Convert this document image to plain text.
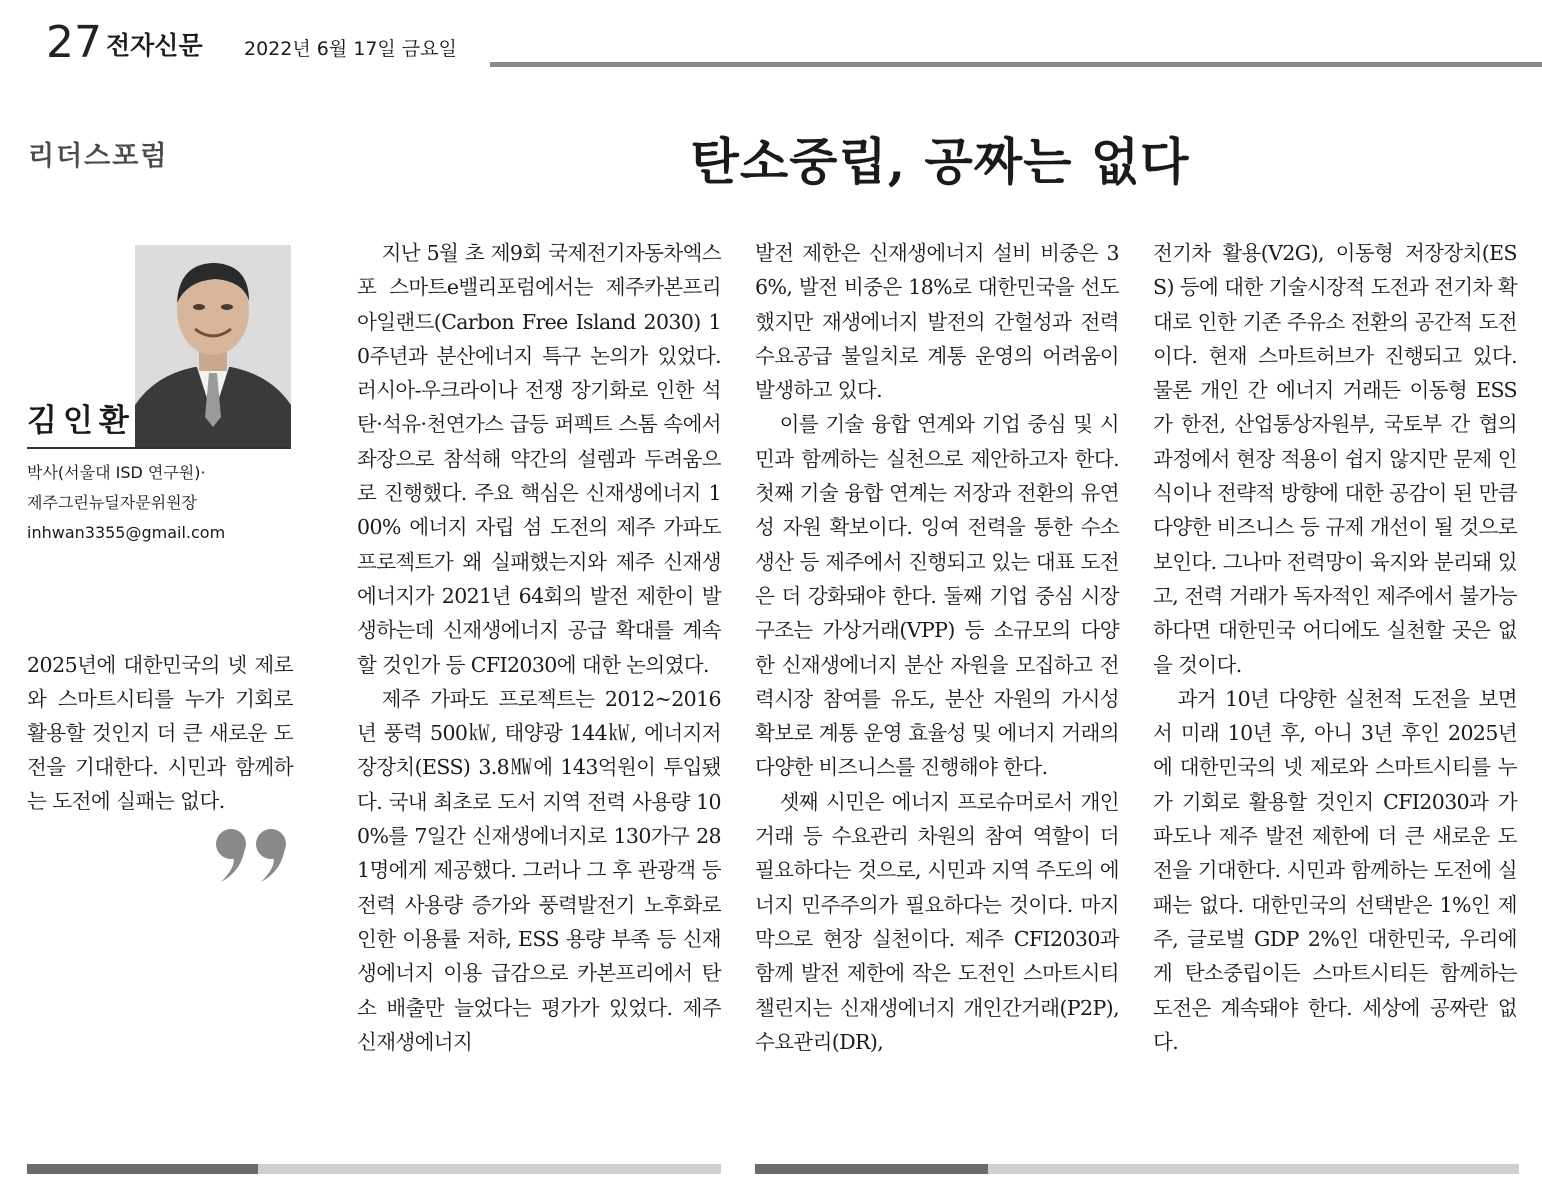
27 전자신문 2022년 6월 17일 금요일
리더스포럼	탄소중립, 공짜는 없다
김인환
박사(서울대 ISD 연구원)·
제주그린뉴딜자문위원장
inhwan3355@gmail.com
2025년에 대한민국의 넷 제로와 스마트시티를 누가 기회로 활용할 것인지 더 큰 새로운 도전을 기대한다. 시민과 함께하는 도전에 실패는 없다.

지난 5월 초 제9회 국제전기자동차엑스포 스마트e밸리포럼에서는 제주카본프리아일랜드(Carbon Free Island 2030) 10주년과 분산에너지 특구 논의가 있었다. 러시아-우크라이나 전쟁 장기화로 인한 석탄·석유·천연가스 급등 퍼펙트 스톰 속에서 좌장으로 참석해 약간의 설렘과 두려움으로 진행했다. 주요 핵심은 신재생에너지 100% 에너지 자립 섬 도전의 제주 가파도 프로젝트가 왜 실패했는지와 제주 신재생에너지가 2021년 64회의 발전 제한이 발생하는데 신재생에너지 공급 확대를 계속할 것인가 등 CFI2030에 대한 논의였다.

제주 가파도 프로젝트는 2012~2016년 풍력 500㎾, 태양광 144㎾, 에너지저장장치(ESS) 3.8㎿에 143억원이 투입됐다. 국내 최초로 도서 지역 전력 사용량 100%를 7일간 신재생에너지로 130가구 281명에게 제공했다. 그러나 그 후 관광객 등 전력 사용량 증가와 풍력발전기 노후화로 인한 이용률 저하, ESS 용량 부족 등 신재생에너지 이용 급감으로 카본프리에서 탄소 배출만 늘었다는 평가가 있었다. 제주 신재생에너지

발전 제한은 신재생에너지 설비 비중은 36%, 발전 비중은 18%로 대한민국을 선도했지만 재생에너지 발전의 간헐성과 전력 수요공급 불일치로 계통 운영의 어려움이 발생하고 있다.

이를 기술 융합 연계와 기업 중심 및 시민과 함께하는 실천으로 제안하고자 한다. 첫째 기술 융합 연계는 저장과 전환의 유연성 자원 확보이다. 잉여 전력을 통한 수소 생산 등 제주에서 진행되고 있는 대표 도전은 더 강화돼야 한다. 둘째 기업 중심 시장구조는 가상거래(VPP) 등 소규모의 다양한 신재생에너지 분산 자원을 모집하고 전력시장 참여를 유도, 분산 자원의 가시성 확보로 계통 운영 효율성 및 에너지 거래의 다양한 비즈니스를 진행해야 한다.

셋째 시민은 에너지 프로슈머로서 개인 거래 등 수요관리 차원의 참여 역할이 더 필요하다는 것으로, 시민과 지역 주도의 에너지 민주주의가 필요하다는 것이다. 마지막으로 현장 실천이다. 제주 CFI2030과 함께 발전 제한에 작은 도전인 스마트시티챌린지는 신재생에너지 개인간거래(P2P), 수요관리(DR),

전기차 활용(V2G), 이동형 저장장치(ESS) 등에 대한 기술시장적 도전과 전기차 확대로 인한 기존 주유소 전환의 공간적 도전이다. 현재 스마트허브가 진행되고 있다. 물론 개인 간 에너지 거래든 이동형 ESS가 한전, 산업통상자원부, 국토부 간 협의 과정에서 현장 적용이 쉽지 않지만 문제 인식이나 전략적 방향에 대한 공감이 된 만큼 다양한 비즈니스 등 규제 개선이 될 것으로 보인다. 그나마 전력망이 육지와 분리돼 있고, 전력 거래가 독자적인 제주에서 불가능하다면 대한민국 어디에도 실천할 곳은 없을 것이다.

과거 10년 다양한 실천적 도전을 보면서 미래 10년 후, 아니 3년 후인 2025년에 대한민국의 넷 제로와 스마트시티를 누가 기회로 활용할 것인지 CFI2030과 가파도나 제주 발전 제한에 더 큰 새로운 도전을 기대한다. 시민과 함께하는 도전에 실패는 없다. 대한민국의 선택받은 1%인 제주, 글로벌 GDP 2%인 대한민국, 우리에게 탄소중립이든 스마트시티든 함께하는 도전은 계속돼야 한다. 세상에 공짜란 없다.
